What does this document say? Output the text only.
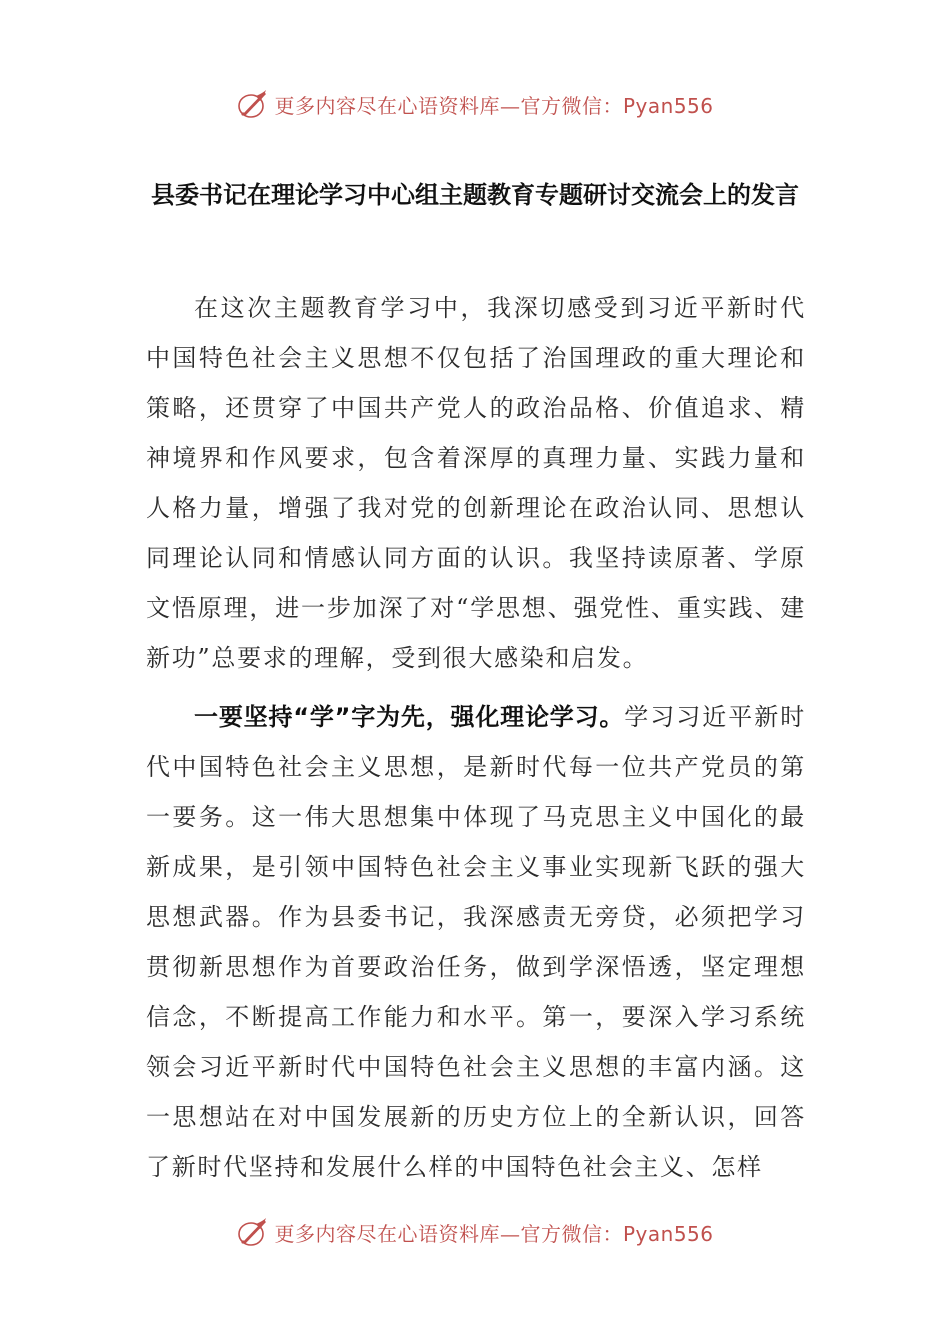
更多内容尽在心语资料库—官方微信：Pyan556
县委书记在理论学习中心组主题教育专题研讨交流会上的发言

在这次主题教育学习中，我深切感受到习近平新时代中国特色社会主义思想不仅包括了治国理政的重大理论和策略，还贯穿了中国共产党人的政治品格、价值追求、精神境界和作风要求，包含着深厚的真理力量、实践力量和人格力量，增强了我对党的创新理论在政治认同、思想认同理论认同和情感认同方面的认识。我坚持读原著、学原文悟原理，进一步加深了对“学思想、强党性、重实践、建新功”总要求的理解，受到很大感染和启发。

一要坚持“学”字为先，强化理论学习。学习习近平新时代中国特色社会主义思想，是新时代每一位共产党员的第一要务。这一伟大思想集中体现了马克思主义中国化的最新成果，是引领中国特色社会主义事业实现新飞跃的强大思想武器。作为县委书记，我深感责无旁贷，必须把学习贯彻新思想作为首要政治任务，做到学深悟透，坚定理想信念，不断提高工作能力和水平。第一，要深入学习系统领会习近平新时代中国特色社会主义思想的丰富内涵。这一思想站在对中国发展新的历史方位上的全新认识，回答了新时代坚持和发展什么样的中国特色社会主义、怎样

更多内容尽在心语资料库—官方微信：Pyan556
